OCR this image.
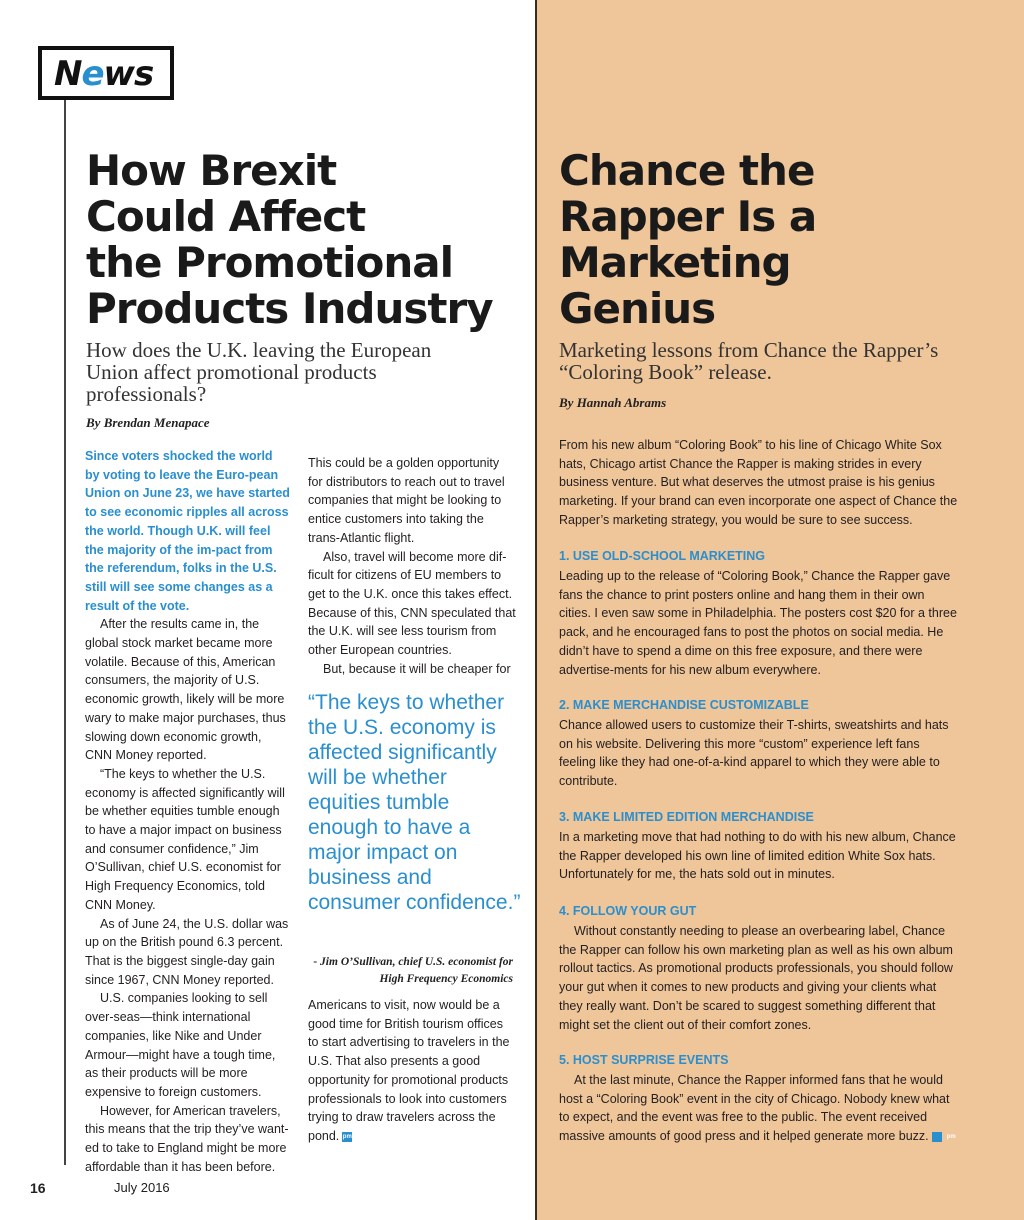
News
How Brexit
Could Affect
the Promotional
Products Industry

How does the U.K. leaving the European Union affect promotional products professionals?

By Brendan Menapace

Since voters shocked the world by voting to leave the Euro-pean Union on June 23, we have started to see economic ripples all across the world. Though U.K. will feel the majority of the im-pact from the referendum, folks in the U.S. still will see some changes as a result of the vote.

After the results came in, the global stock market became more volatile. Because of this, American consumers, the majority of U.S. economic growth, likely will be more wary to make major purchases, thus slowing down economic growth, CNN Money reported.

“The keys to whether the U.S. economy is affected significantly will be whether equities tumble enough to have a major impact on business and consumer confidence,” Jim O’Sullivan, chief U.S. economist for High Frequency Economics, told CNN Money.

As of June 24, the U.S. dollar was up on the British pound 6.3 percent. That is the biggest single-day gain since 1967, CNN Money reported.

U.S. companies looking to sell over-seas—think international companies, like Nike and Under Armour—might have a tough time, as their products will be more expensive to foreign customers.

However, for American travelers, this means that the trip they’ve want-ed to take to England might be more affordable than it has been before.

This could be a golden opportunity for distributors to reach out to travel companies that might be looking to entice customers into taking the trans-Atlantic flight.

Also, travel will become more dif-ficult for citizens of EU members to get to the U.K. once this takes effect. Because of this, CNN speculated that the U.K. will see less tourism from other European countries.

But, because it will be cheaper for

“The keys to whether the U.S. economy is affected significantly will be whether equities tumble enough to have a major impact on business and consumer confidence.”

- Jim O’Sullivan, chief U.S. economist for
High Frequency Economics

Americans to visit, now would be a good time for British tourism offices to start advertising to travelers in the U.S. That also presents a good opportunity for promotional products professionals to look into customers trying to draw travelers across the pond. pm

Chance the
Rapper Is a
Marketing
Genius

Marketing lessons from Chance the Rapper’s “Coloring Book” release.

By Hannah Abrams

From his new album “Coloring Book” to his line of Chicago White Sox hats, Chicago artist Chance the Rapper is making strides in every business venture. But what deserves the utmost praise is his genius marketing. If your brand can even incorporate one aspect of Chance the Rapper’s marketing strategy, you would be sure to see success.

1. USE OLD-SCHOOL MARKETING

Leading up to the release of “Coloring Book,” Chance the Rapper gave fans the chance to print posters online and hang them in their own cities. I even saw some in Philadelphia. The posters cost $20 for a three pack, and he encouraged fans to post the photos on social media. He didn’t have to spend a dime on this free exposure, and there were advertise-ments for his new album everywhere.

2. MAKE MERCHANDISE CUSTOMIZABLE

Chance allowed users to customize their T-shirts, sweatshirts and hats on his website. Delivering this more “custom” experience left fans feeling like they had one-of-a-kind apparel to which they were able to contribute.

3. MAKE LIMITED EDITION MERCHANDISE

In a marketing move that had nothing to do with his new album, Chance the Rapper developed his own line of limited edition White Sox hats. Unfortunately for me, the hats sold out in minutes.

4. FOLLOW YOUR GUT

Without constantly needing to please an overbearing label, Chance the Rapper can follow his own marketing plan as well as his own album rollout tactics. As promotional products professionals, you should follow your gut when it comes to new products and giving your clients what they really want. Don’t be scared to suggest something different that might set the client out of their comfort zones.

5. HOST SURPRISE EVENTS

At the last minute, Chance the Rapper informed fans that he would host a “Coloring Book” event in the city of Chicago. Nobody knew what to expect, and the event was free to the public. The event received massive amounts of good press and it helped generate more buzz.	pm

16	July 2016
